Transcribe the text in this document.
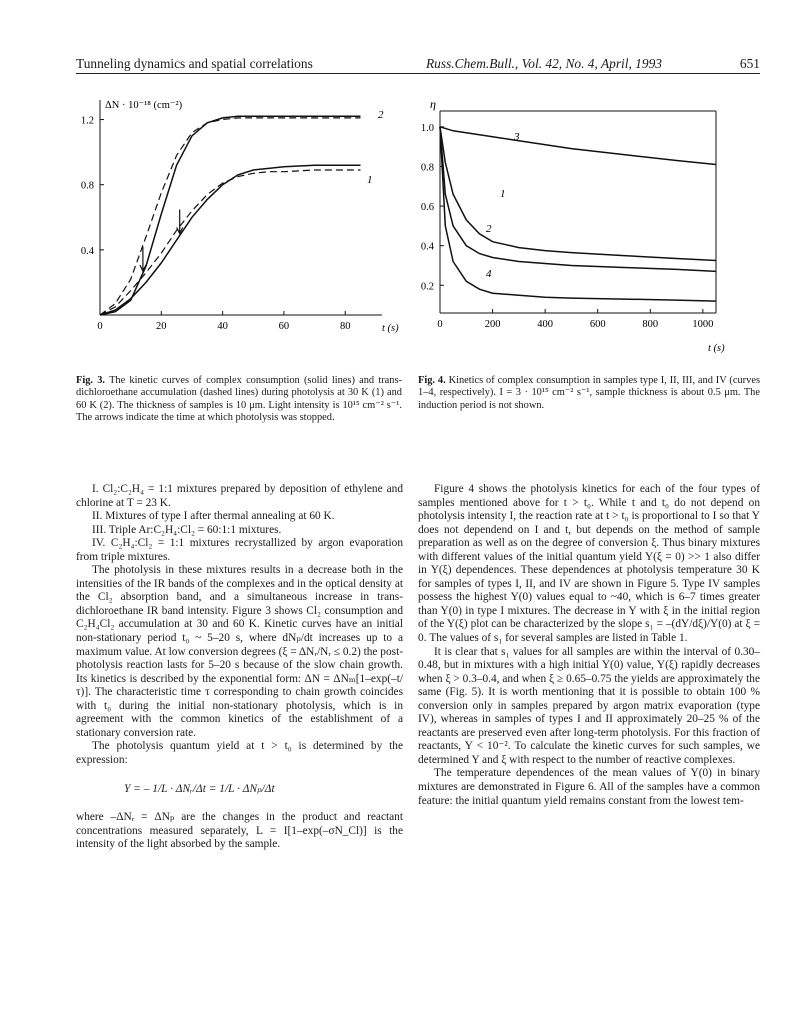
Tunneling dynamics and spatial correlations	Russ.Chem.Bull., Vol. 42, No. 4, April, 1993	651
0	20	40	60	80
0.4
0.8
1.2
ΔN · 10⁻¹⁸ (cm⁻²)
t (s)
2
1
0	200	400	600	800	1000
0.2
0.4
0.6
0.8
1.0
η
t (s)
3
1
2
4
Fig. 3. The kinetic curves of complex consumption (solid lines) and trans-dichloroethane accumulation (dashed lines) during photolysis at 30 K (1) and 60 K (2). The thickness of samples is 10 μm. Light intensity is 10¹⁵ cm⁻² s⁻¹. The arrows indicate the time at which photolysis was stopped.
Fig. 4. Kinetics of complex consumption in samples type I, II, III, and IV (curves 1–4, respectively). I = 3 · 10¹⁵ cm⁻² s⁻¹, sample thickness is about 0.5 μm. The induction period is not shown.

I. Cl₂:C₂H₄ = 1:1 mixtures prepared by deposition of ethylene and chlorine at T = 23 K.

II. Mixtures of type I after thermal annealing at 60 K.

III. Triple Ar:C₂H₄:Cl₂ = 60:1:1 mixtures.

IV. C₂H₄:Cl₂ = 1:1 mixtures recrystallized by argon evaporation from triple mixtures.

The photolysis in these mixtures results in a decrease both in the intensities of the IR bands of the complexes and in the optical density at the Cl₂ absorption band, and a simultaneous increase in trans-dichloroethane IR band intensity. Figure 3 shows Cl₂ consumption and C₂H₄Cl₂ accumulation at 30 and 60 K. Kinetic curves have an initial non-stationary period t₀ ~ 5–20 s, where dNₚ/dt increases up to a maximum value. At low conversion degrees (ξ = ΔNᵣ/Nᵣ ≤ 0.2) the post-photolysis reaction lasts for 5–20 s because of the slow chain growth. Its kinetics is described by the exponential form: ΔN = ΔNₘ[1–exp(–t/τ)]. The characteristic time τ corresponding to chain growth coincides with t₀ during the initial non-stationary photolysis, which is in agreement with the common kinetics of the establishment of a stationary conversion rate.

The photolysis quantum yield at t > t₀ is determined by the expression:

Y = – 1/L · ΔNᵣ/Δt = 1/L · ΔNₚ/Δt

where –ΔNᵣ = ΔNₚ are the changes in the product and reactant concentrations measured separately, L = I[1–exp(–σN_Cl)] is the intensity of the light absorbed by the sample.

Figure 4 shows the photolysis kinetics for each of the four types of samples mentioned above for t > t₀. While t and t₀ do not depend on photolysis intensity I, the reaction rate at t > t₀ is proportional to I so that Y does not dependend on I and t, but depends on the method of sample preparation as well as on the degree of conversion ξ. Thus binary mixtures with different values of the initial quantum yield Y(ξ = 0) >> 1 also differ in Y(ξ) dependences. These dependences at photolysis temperature 30 K for samples of types I, II, and IV are shown in Figure 5. Type IV samples possess the highest Y(0) values equal to ~40, which is 6–7 times greater than Y(0) in type I mixtures. The decrease in Y with ξ in the initial region of the Y(ξ) plot can be characterized by the slope s₁ = –(dY/dξ)/Y(0) at ξ = 0. The values of s₁ for several samples are listed in Table 1.

It is clear that s₁ values for all samples are within the interval of 0.30–0.48, but in mixtures with a high initial Y(0) value, Y(ξ) rapidly decreases when ξ > 0.3–0.4, and when ξ ≥ 0.65–0.75 the yields are approximately the same (Fig. 5). It is worth mentioning that it is possible to obtain 100 % conversion only in samples prepared by argon matrix evaporation (type IV), whereas in samples of types I and II approximately 20–25 % of the reactants are preserved even after long-term photolysis. For this fraction of reactants, Y < 10⁻². To calculate the kinetic curves for such samples, we determined Y and ξ with respect to the number of reactive complexes.

The temperature dependences of the mean values of Y(0) in binary mixtures are demonstrated in Figure 6. All of the samples have a common feature: the initial quantum yield remains constant from the lowest tem-
